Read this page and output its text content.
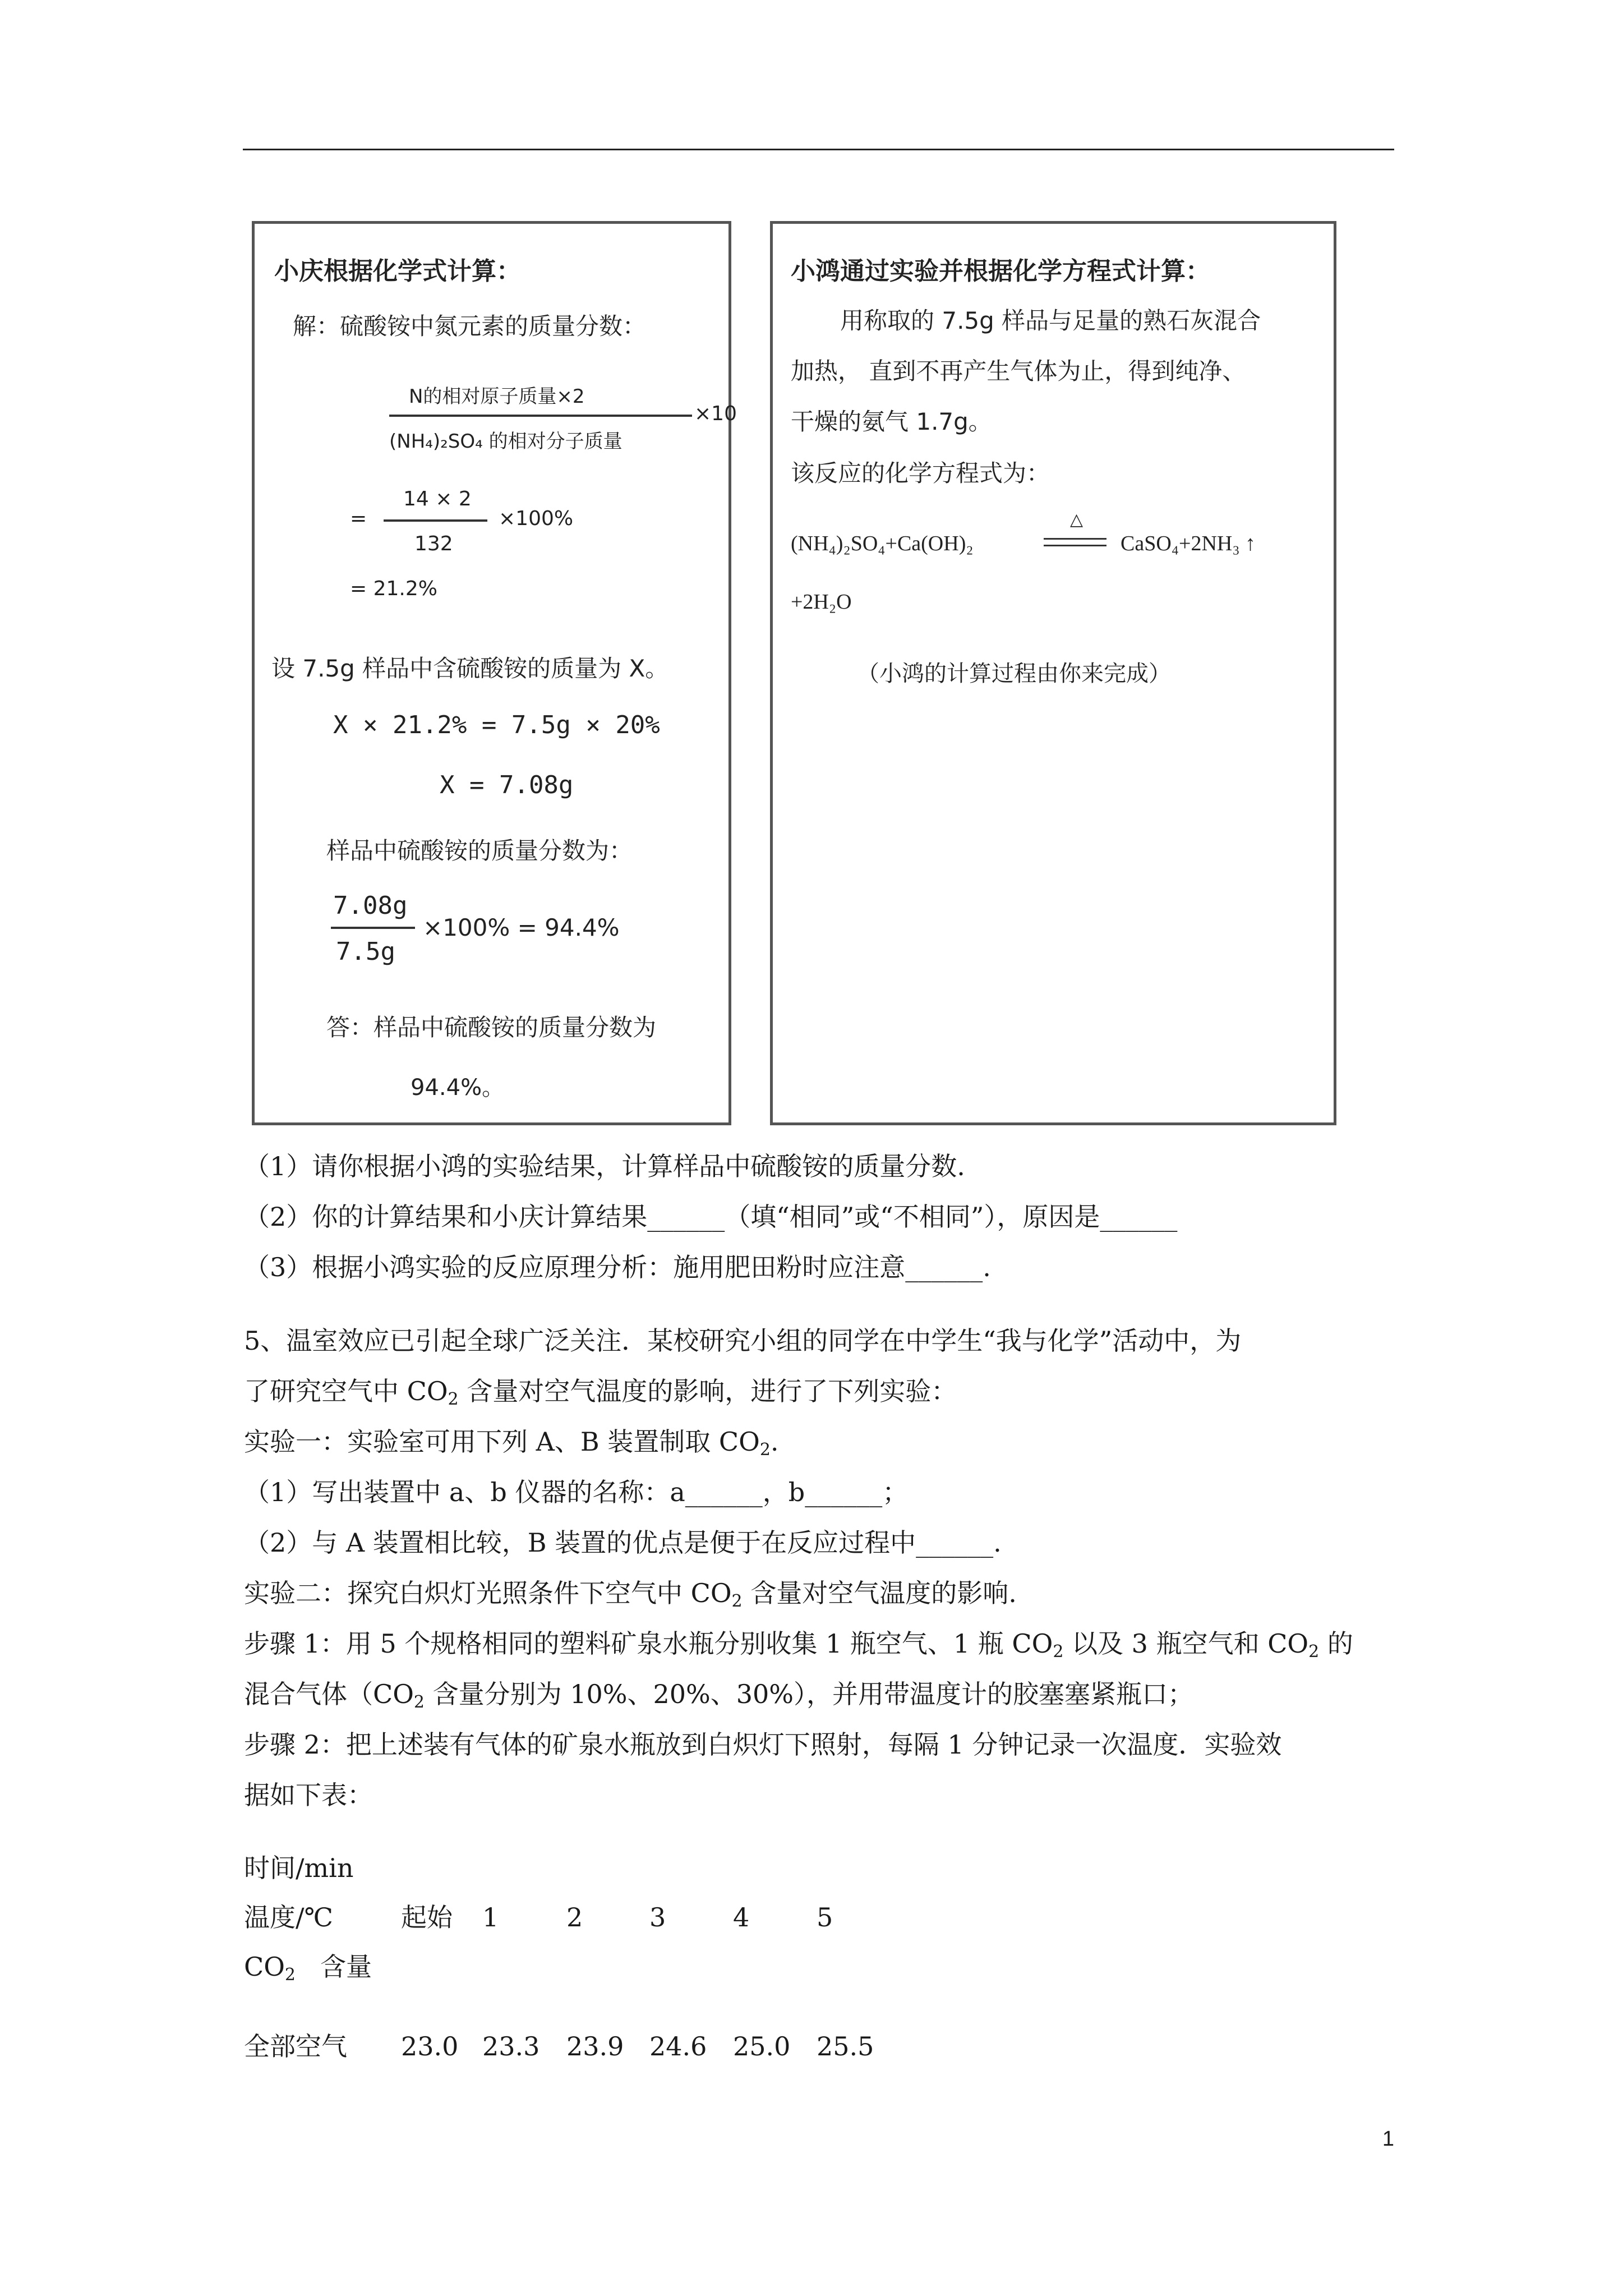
小庆根据化学式计算：
解：硫酸铵中氮元素的质量分数：
N的相对原子质量×2
(NH₄)₂SO₄ 的相对分子质量
×10
=
14 × 2
132
×100%
= 21.2%
设 7.5g 样品中含硫酸铵的质量为 X。
X × 21.2% = 7.5g × 20%
X = 7.08g
样品中硫酸铵的质量分数为：
7.08g
7.5g
×100% = 94.4%
答：样品中硫酸铵的质量分数为
94.4%。
小鸿通过实验并根据化学方程式计算：
用称取的 7.5g 样品与足量的熟石灰混合
加热， 直到不再产生气体为止，得到纯净、
干燥的氨气 1.7g。
该反应的化学方程式为：
(NH₄)₂SO₄+Ca(OH)₂
△
CaSO₄+2NH₃ ↑
+2H₂O
（小鸿的计算过程由你来完成）
（1）请你根据小鸿的实验结果，计算样品中硫酸铵的质量分数.
（2）你的计算结果和小庆计算结果______（填“相同”或“不相同”），原因是______
（3）根据小鸿实验的反应原理分析：施用肥田粉时应注意______.
5、温室效应已引起全球广泛关注．某校研究小组的同学在中学生“我与化学”活动中，为
了研究空气中 $CO_2$ 含量对空气温度的影响，进行了下列实验：
实验一：实验室可用下列 A、B 装置制取 $CO_2$.
（1）写出装置中 a、b 仪器的名称：a______，b______；
（2）与 A 装置相比较，B 装置的优点是便于在反应过程中______.
实验二：探究白炽灯光照条件下空气中 $CO_2$ 含量对空气温度的影响.
步骤 1：用 5 个规格相同的塑料矿泉水瓶分别收集 1 瓶空气、1 瓶 $CO_2$ 以及 3 瓶空气和 $CO_2$ 的
混合气体（$CO_2$ 含量分别为 10%、20%、30%），并用带温度计的胶塞塞紧瓶口；
步骤 2：把上述装有气体的矿泉水瓶放到白炽灯下照射，每隔 1 分钟记录一次温度．实验效
据如下表：
时间/min
温度/℃	起始 1	2	3	4	5
$CO_2$ 含量
全部空气 23.0 23.3 23.9 24.6 25.0 25.5
1
